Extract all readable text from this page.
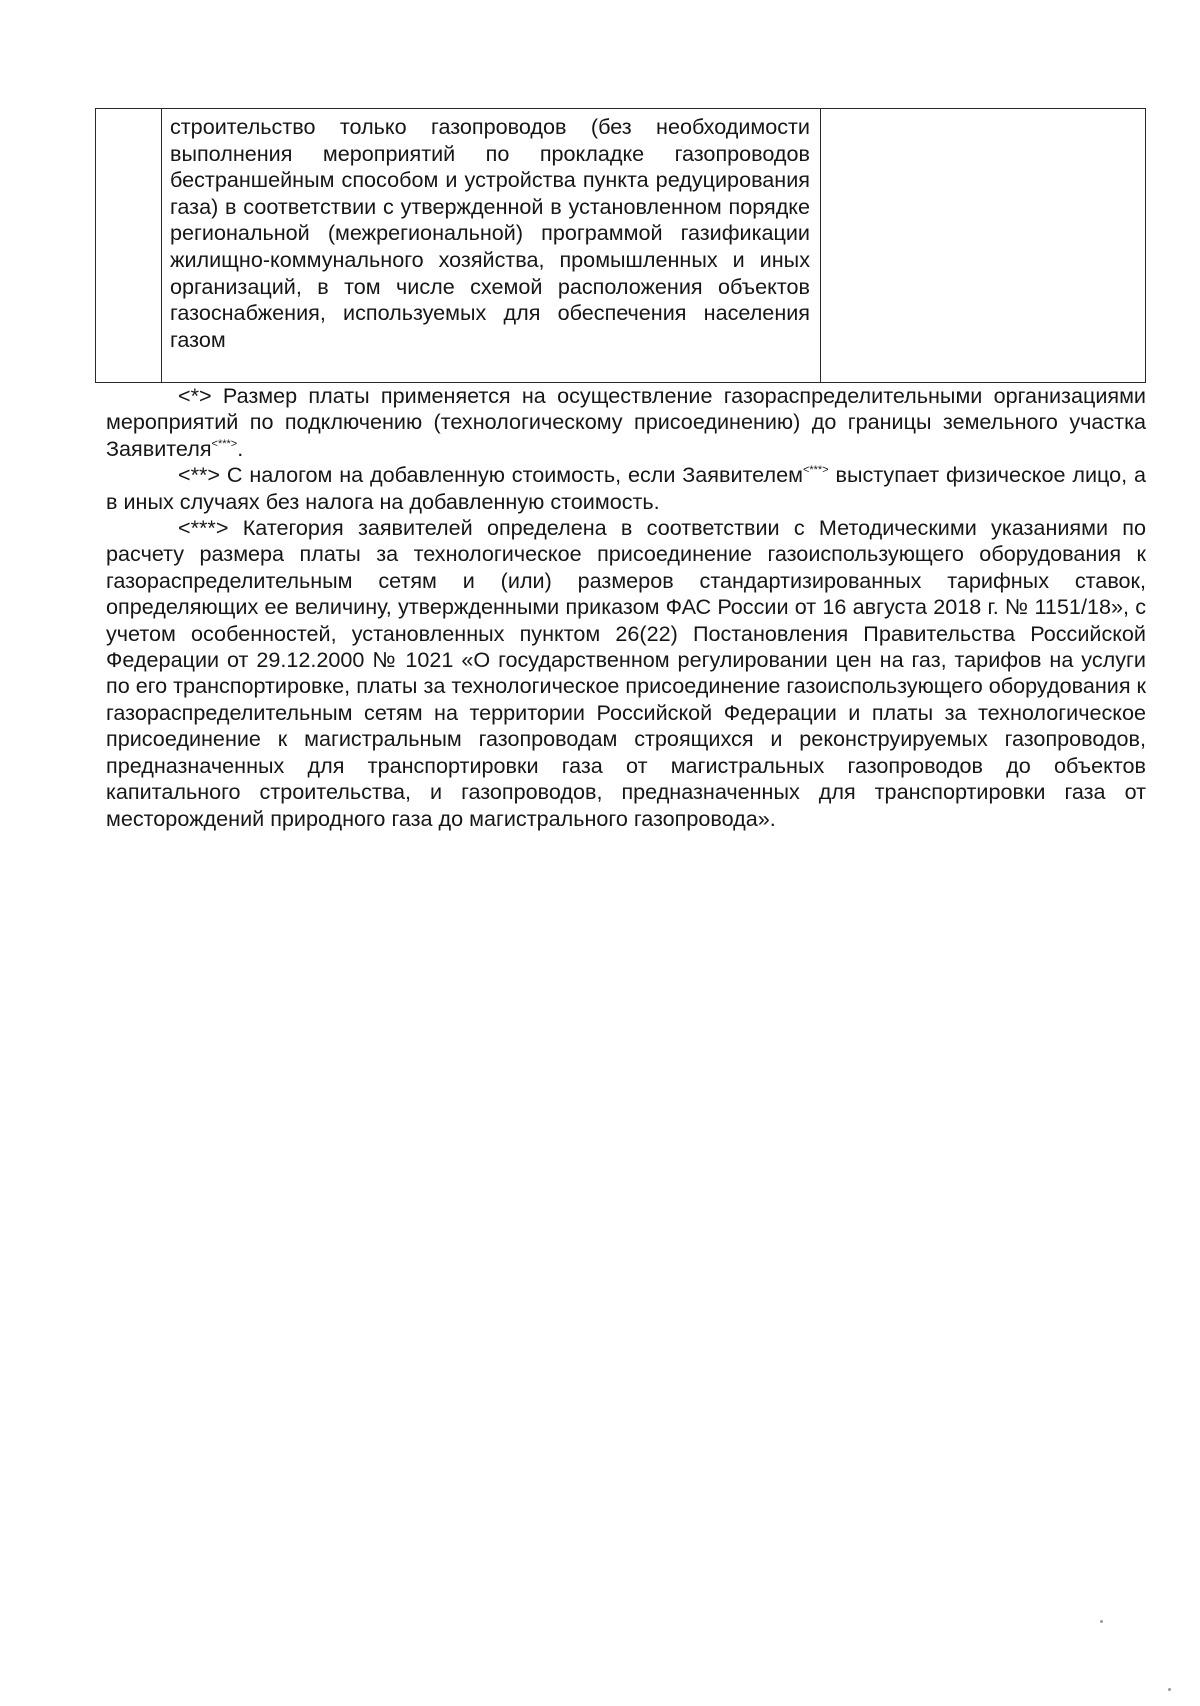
	строительство только газопроводов (без необходимости выполнения мероприятий по прокладке газопроводов бестраншейным способом и устройства пункта редуцирования газа) в соответствии с утвержденной в установленном порядке региональной (межрегиональной) программой газификации жилищно-коммунального хозяйства, промышленных и иных организаций, в том числе схемой расположения объектов газоснабжения, используемых для обеспечения населения газом	

<*> Размер платы применяется на осуществление газораспределительными организациями мероприятий по подключению (технологическому присоединению) до границы земельного участка Заявителя<***>.

<**> С налогом на добавленную стоимость, если Заявителем<***> выступает физическое лицо, а в иных случаях без налога на добавленную стоимость.

<***> Категория заявителей определена в соответствии с Методическими указаниями по расчету размера платы за технологическое присоединение газоиспользующего оборудования к газораспределительным сетям и (или) размеров стандартизированных тарифных ставок, определяющих ее величину, утвержденными приказом ФАС России от 16 августа 2018 г. № 1151/18», с учетом особенностей, установленных пунктом 26(22) Постановления Правительства Российской Федерации от 29.12.2000 № 1021 «О государственном регулировании цен на газ, тарифов на услуги по его транспортировке, платы за технологическое присоединение газоиспользующего оборудования к газораспределительным сетям на территории Российской Федерации и платы за технологическое присоединение к магистральным газопроводам строящихся и реконструируемых газопроводов, предназначенных для транспортировки газа от магистральных газопроводов до объектов капитального строительства, и газопроводов, предназначенных для транспортировки газа от месторождений природного газа до магистрального газопровода».
